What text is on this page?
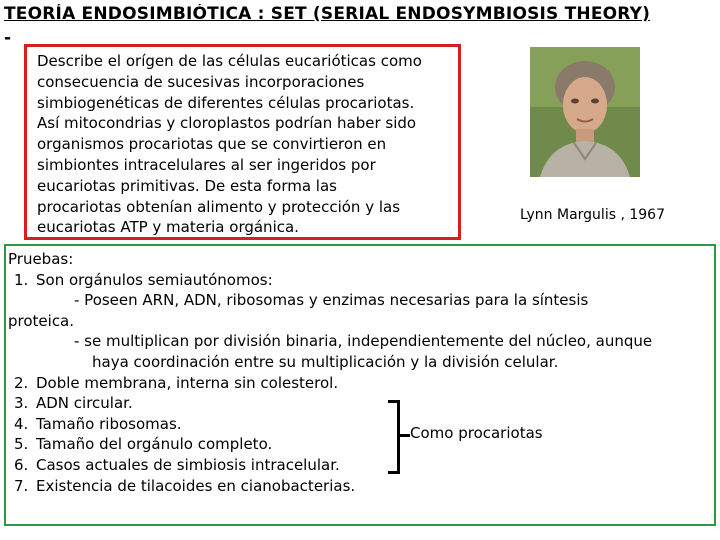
TEORÍA ENDOSIMBIÓTICA : SET (SERIAL ENDOSYMBIOSIS THEORY)
-
Describe el orígen de las células eucarióticas como
consecuencia de sucesivas incorporaciones
simbiogenéticas de diferentes células procariotas.
Así mitocondrias y cloroplastos podrían haber sido
organismos procariotas que se convirtieron en
simbiontes intracelulares al ser ingeridos por
eucariotas primitivas. De esta forma las
procariotas obtenían alimento y protección y las
eucariotas ATP y materia orgánica.
Lynn Margulis , 1967
Pruebas:
1. Son orgánulos semiautónomos:
- Poseen ARN, ADN, ribosomas y enzimas necesarias para la síntesis
proteica.
- se multiplican por división binaria, independientemente del núcleo, aunque
haya coordinación entre su multiplicación y la división celular.
2. Doble membrana, interna sin colesterol.
3. ADN circular.
4. Tamaño ribosomas.
5. Tamaño del orgánulo completo.
6. Casos actuales de simbiosis intracelular.
7. Existencia de tilacoides en cianobacterias.
Como procariotas
